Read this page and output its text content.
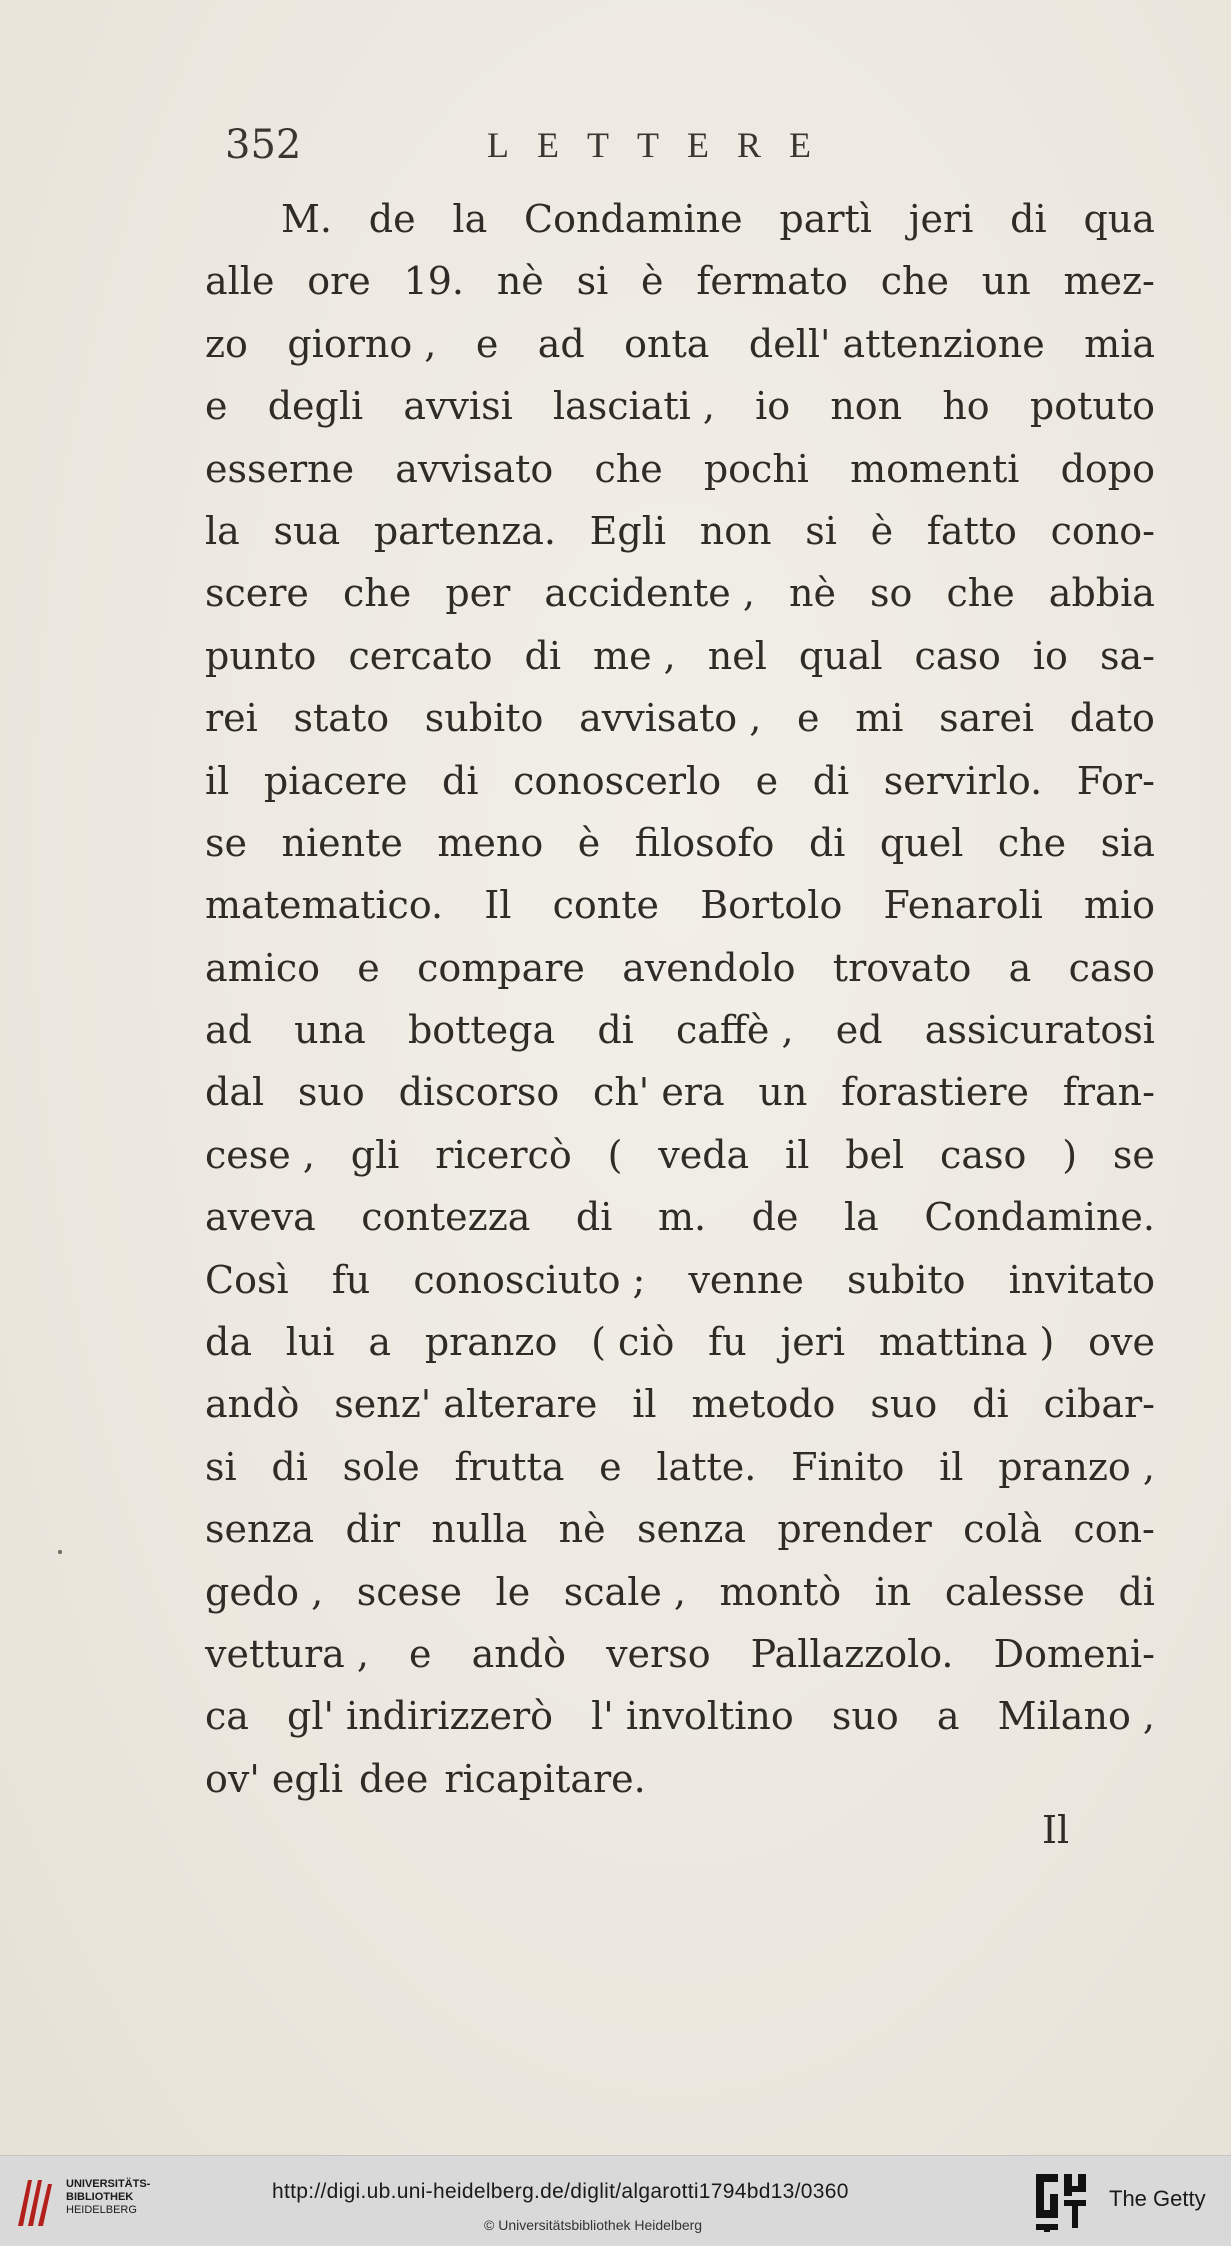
352	LETTERE
M. de la Condamine partì jeri di qua
alle ore 19. nè si è fermato che un mez-
zo giorno , e ad onta dell' attenzione mia
e degli avvisi lasciati , io non ho potuto
esserne avvisato che pochi momenti dopo
la sua partenza. Egli non si è fatto cono-
scere che per accidente , nè so che abbia
punto cercato di me , nel qual caso io sa-
rei stato subito avvisato , e mi sarei dato
il piacere di conoscerlo e di servirlo. For-
se niente meno è filosofo di quel che sia
matematico. Il conte Bortolo Fenaroli mio
amico e compare avendolo trovato a caso
ad una bottega di caffè , ed assicuratosi
dal suo discorso ch' era un forastiere fran-
cese , gli ricercò ( veda il bel caso ) se
aveva contezza di m. de la Condamine.
Così fu conosciuto ; venne subito invitato
da lui a pranzo ( ciò fu jeri mattina ) ove
andò senz' alterare il metodo suo di cibar-
si di sole frutta e latte. Finito il pranzo ,
senza dir nulla nè senza prender colà con-
gedo , scese le scale , montò in calesse di
vettura , e andò verso Pallazzolo. Domeni-
ca gl' indirizzerò l' involtino suo a Milano ,
ov' egli dee ricapitare.
Il
UNIVERSITÄTS-
BIBLIOTHEK
HEIDELBERG
http://digi.ub.uni-heidelberg.de/diglit/algarotti1794bd13/0360
© Universitätsbibliothek Heidelberg
The Getty
